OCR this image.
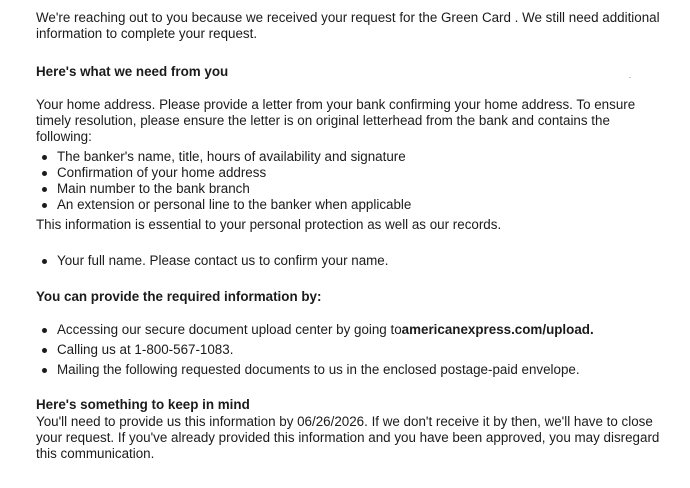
We're reaching out to you because we received your request for the Green Card . We still need additional information to complete your request.

Here's what we need from you

Your home address. Please provide a letter from your bank confirming your home address. To ensure timely resolution, please ensure the letter is on original letterhead from the bank and contains the following:

The banker's name, title, hours of availability and signature
Confirmation of your home address
Main number to the bank branch
An extension or personal line to the banker when applicable

This information is essential to your personal protection as well as our records.

Your full name. Please contact us to confirm your name.

You can provide the required information by:

Accessing our secure document upload center by going toamericanexpress.com/upload.
Calling us at 1-800-567-1083.
Mailing the following requested documents to us in the enclosed postage-paid envelope.

Here's something to keep in mind

You'll need to provide us this information by 06/26/2026. If we don't receive it by then, we'll have to close your request. If you've already provided this information and you have been approved, you may disregard this communication.
